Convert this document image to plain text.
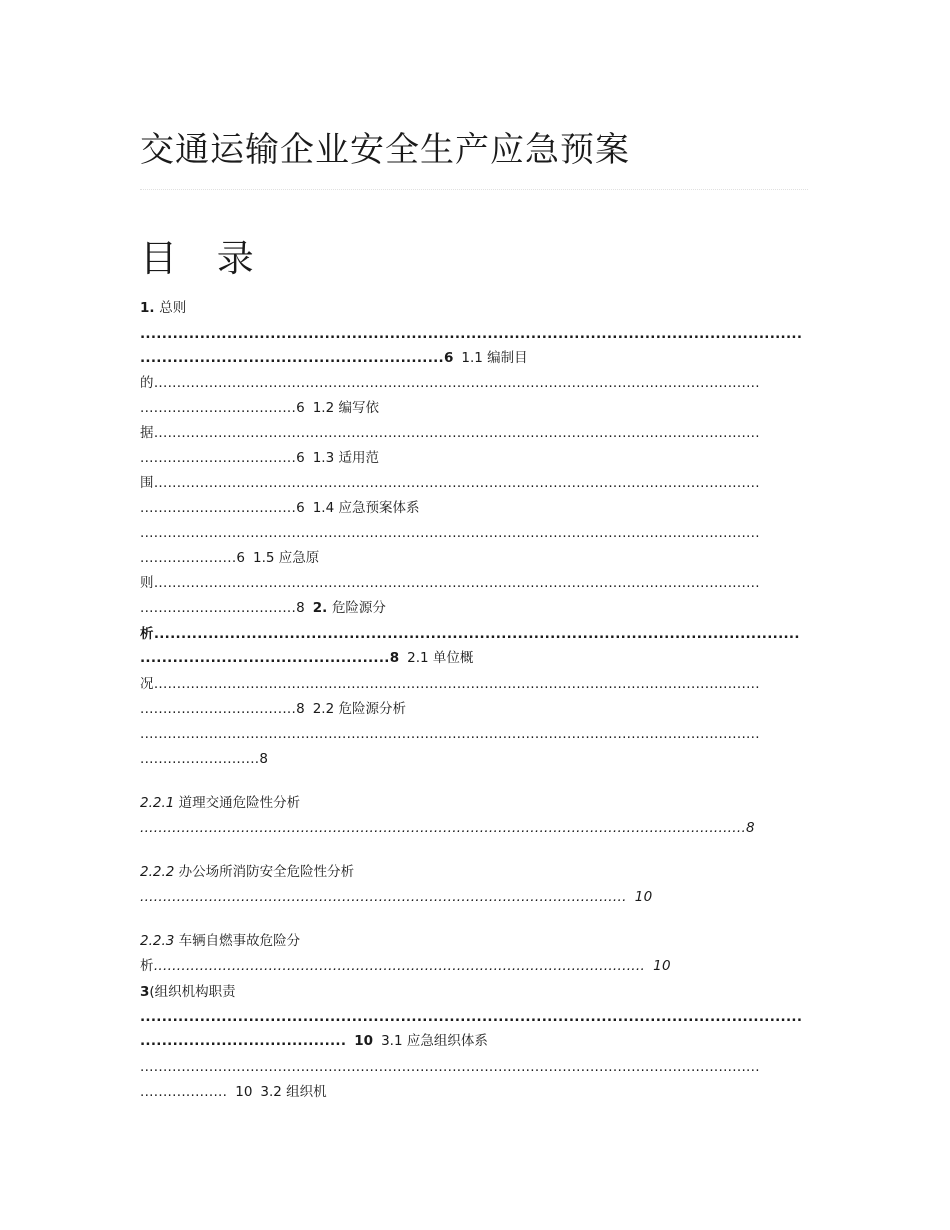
交通运输企业安全生产应急预案
目 录
1. 总则
..........................................................................................................................
........................................................6 1.1 编制目
的....................................................................................................................................
..................................6 1.2 编写依
据....................................................................................................................................
..................................6 1.3 适用范
围....................................................................................................................................
..................................6 1.4 应急预案体系
.......................................................................................................................................
.....................6 1.5 应急原
则....................................................................................................................................
..................................8 2. 危险源分
析.......................................................................................................................
..............................................8 2.1 单位概
况....................................................................................................................................
..................................8 2.2 危险源分析
.......................................................................................................................................
..........................8
2.2.1 道理交通危险性分析
....................................................................................................................................8
2.2.2 办公场所消防安全危险性分析
.......................................................................................................... 10
2.2.3 车辆自燃事故危险分
析........................................................................................................... 10
3(组织机构职责
..........................................................................................................................
...................................... 10 3.1 应急组织体系
.......................................................................................................................................
................... 10 3.2 组织机
